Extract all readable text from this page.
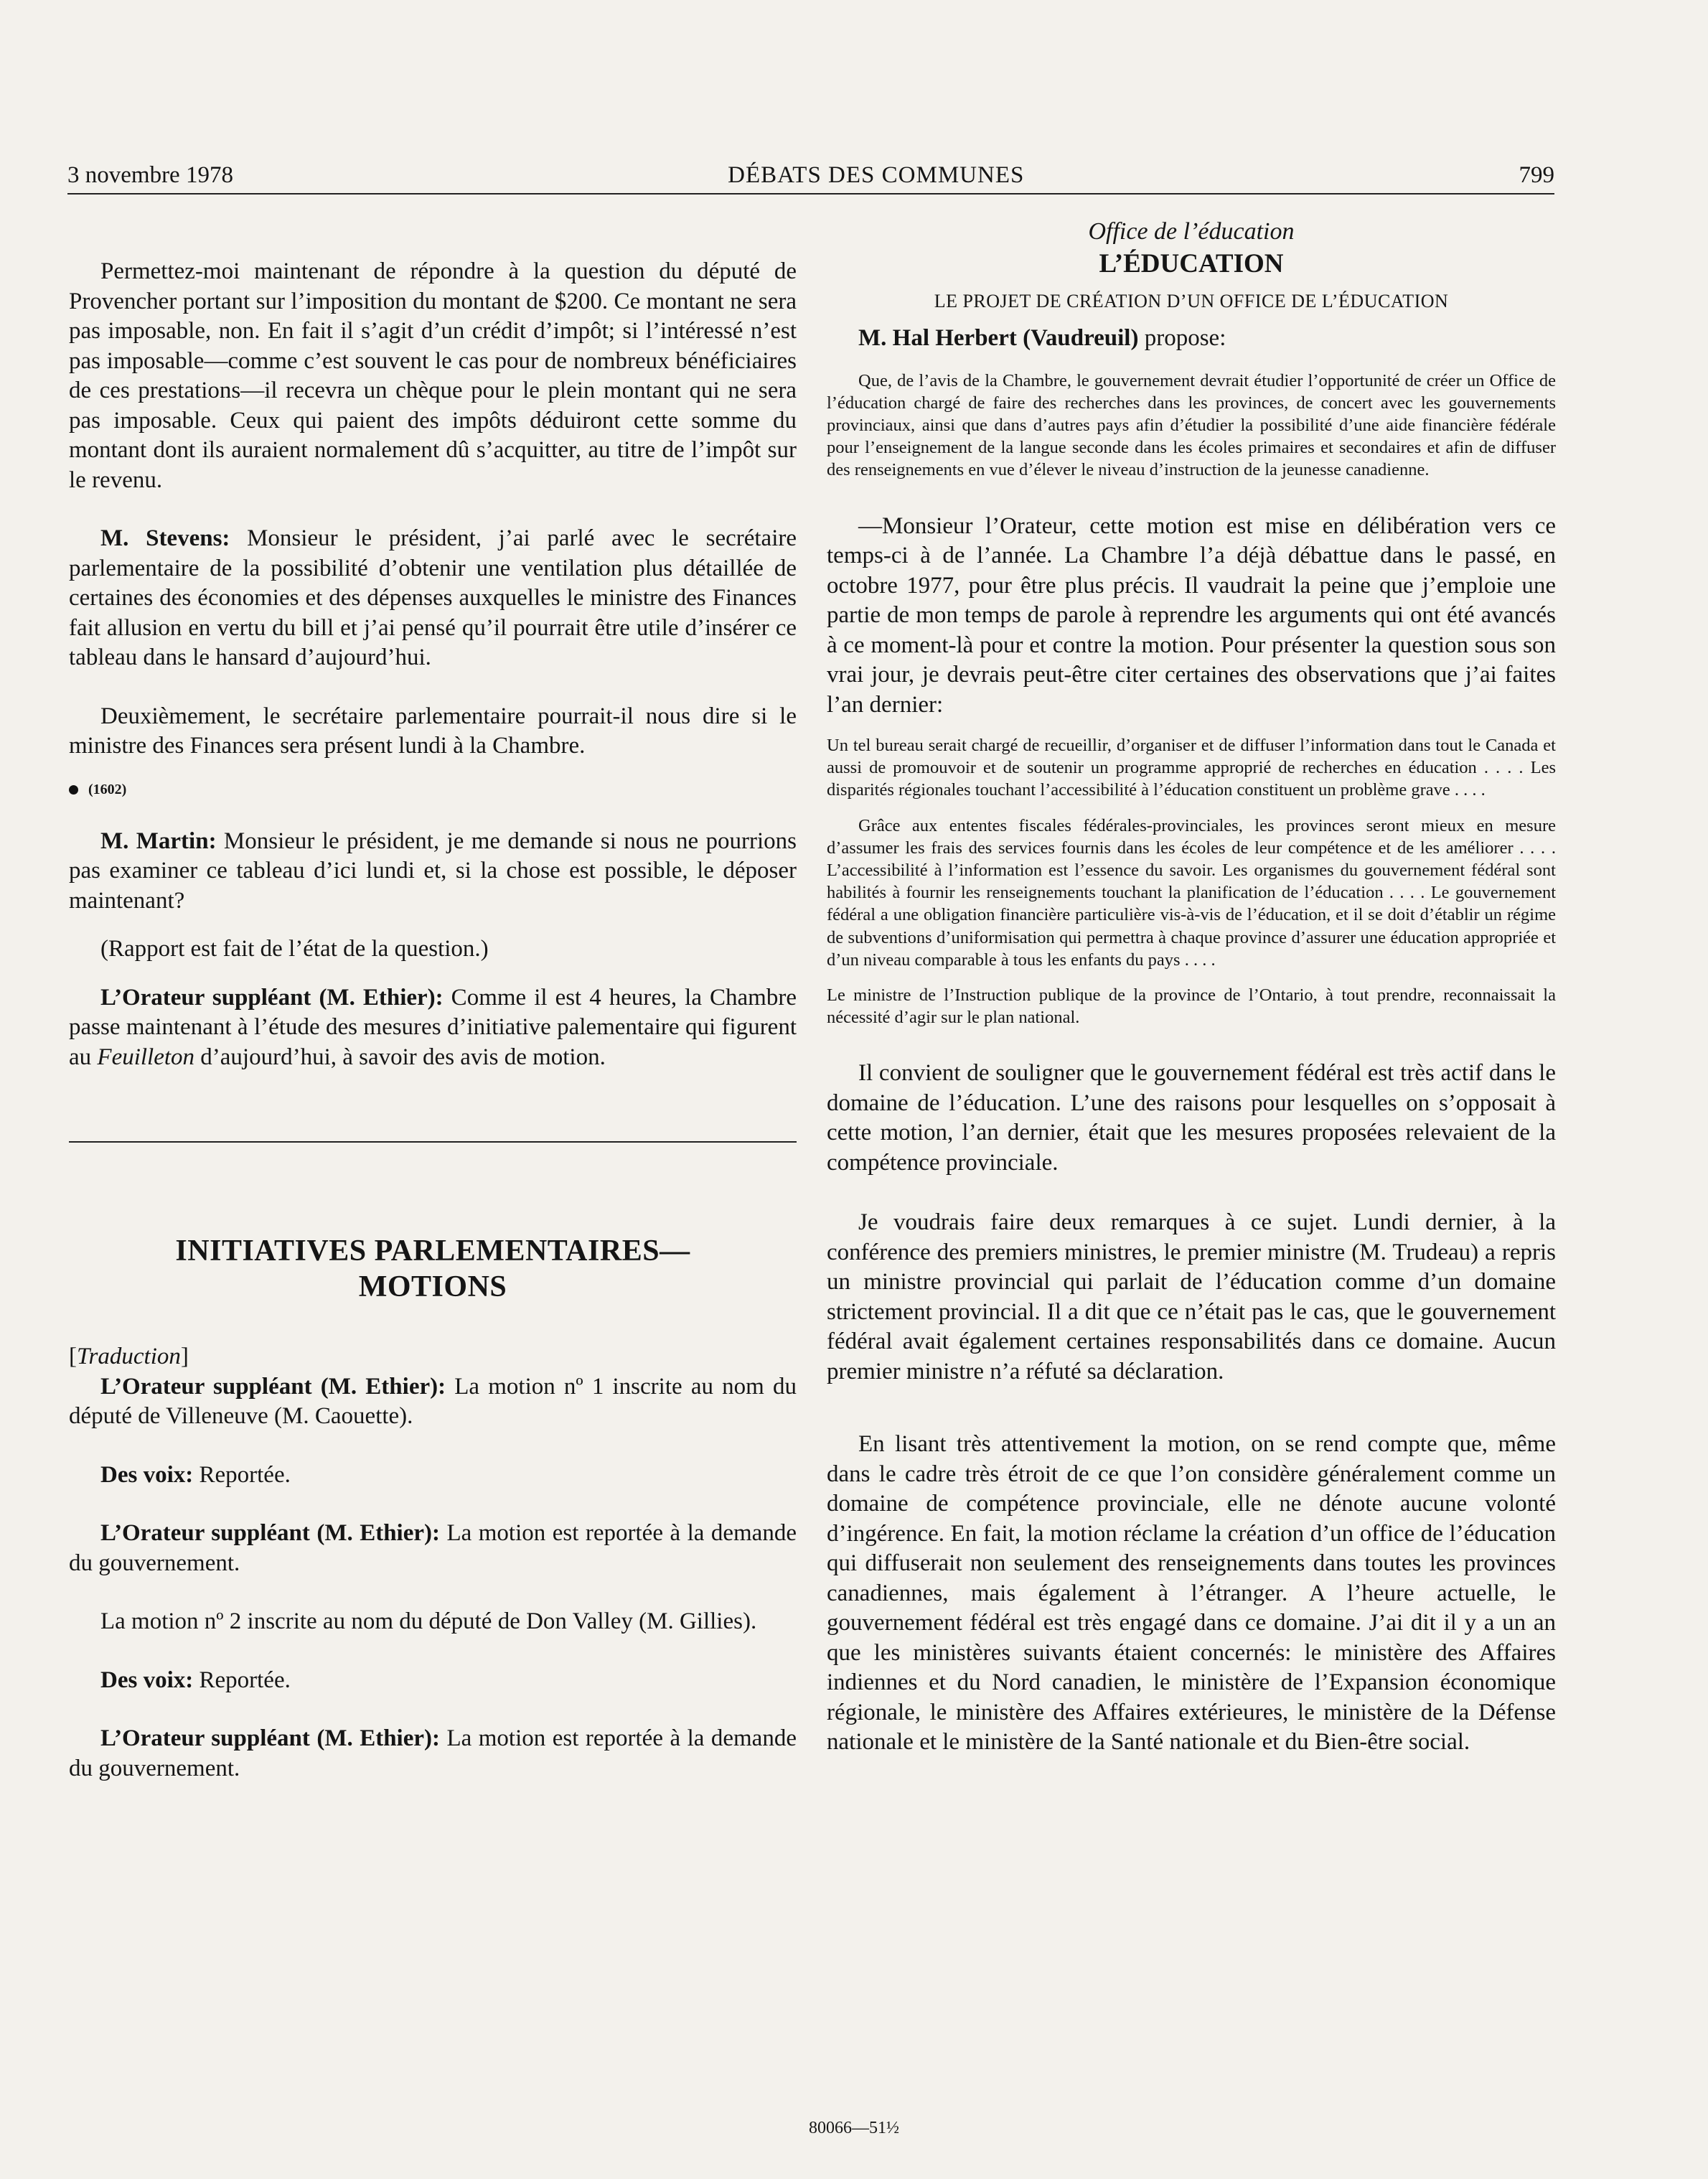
3 novembre 1978	DÉBATS DES COMMUNES	799

Permettez-moi maintenant de répondre à la question du député de Provencher portant sur l’imposition du montant de $200. Ce montant ne sera pas imposable, non. En fait il s’agit d’un crédit d’impôt; si l’intéressé n’est pas imposable—comme c’est souvent le cas pour de nombreux bénéficiaires de ces prestations—il recevra un chèque pour le plein montant qui ne sera pas imposable. Ceux qui paient des impôts déduiront cette somme du montant dont ils auraient normalement dû s’acquitter, au titre de l’impôt sur le revenu.

M. Stevens: Monsieur le président, j’ai parlé avec le secrétaire parlementaire de la possibilité d’obtenir une ventilation plus détaillée de certaines des économies et des dépenses auxquelles le ministre des Finances fait allusion en vertu du bill et j’ai pensé qu’il pourrait être utile d’insérer ce tableau dans le hansard d’aujourd’hui.

Deuxièmement, le secrétaire parlementaire pourrait-il nous dire si le ministre des Finances sera présent lundi à la Chambre.

(1602)

M. Martin: Monsieur le président, je me demande si nous ne pourrions pas examiner ce tableau d’ici lundi et, si la chose est possible, le déposer maintenant?

(Rapport est fait de l’état de la question.)

L’Orateur suppléant (M. Ethier): Comme il est 4 heures, la Chambre passe maintenant à l’étude des mesures d’initiative palementaire qui figurent au Feuilleton d’aujourd’hui, à savoir des avis de motion.

INITIATIVES PARLEMENTAIRES—
MOTIONS

[Traduction]

L’Orateur suppléant (M. Ethier): La motion nº 1 inscrite au nom du député de Villeneuve (M. Caouette).

Des voix: Reportée.

L’Orateur suppléant (M. Ethier): La motion est reportée à la demande du gouvernement.

La motion nº 2 inscrite au nom du député de Don Valley (M. Gillies).

Des voix: Reportée.

L’Orateur suppléant (M. Ethier): La motion est reportée à la demande du gouvernement.

Office de l’éducation
L’ÉDUCATION
LE PROJET DE CRÉATION D’UN OFFICE DE L’ÉDUCATION

M. Hal Herbert (Vaudreuil) propose:

Que, de l’avis de la Chambre, le gouvernement devrait étudier l’opportunité de créer un Office de l’éducation chargé de faire des recherches dans les provinces, de concert avec les gouvernements provinciaux, ainsi que dans d’autres pays afin d’étudier la possibilité d’une aide financière fédérale pour l’enseignement de la langue seconde dans les écoles primaires et secondaires et afin de diffuser des renseignements en vue d’élever le niveau d’instruction de la jeunesse canadienne.

—Monsieur l’Orateur, cette motion est mise en délibération vers ce temps-ci à de l’année. La Chambre l’a déjà débattue dans le passé, en octobre 1977, pour être plus précis. Il vaudrait la peine que j’emploie une partie de mon temps de parole à reprendre les arguments qui ont été avancés à ce moment-là pour et contre la motion. Pour présenter la question sous son vrai jour, je devrais peut-être citer certaines des observations que j’ai faites l’an dernier:

Un tel bureau serait chargé de recueillir, d’organiser et de diffuser l’information dans tout le Canada et aussi de promouvoir et de soutenir un programme approprié de recherches en éducation . . . . Les disparités régionales touchant l’accessibilité à l’éducation constituent un problème grave . . . .

Grâce aux ententes fiscales fédérales-provinciales, les provinces seront mieux en mesure d’assumer les frais des services fournis dans les écoles de leur compétence et de les améliorer . . . . L’accessibilité à l’information est l’essence du savoir. Les organismes du gouvernement fédéral sont habilités à fournir les renseignements touchant la planification de l’éducation . . . . Le gouvernement fédéral a une obligation financière particulière vis-à-vis de l’éducation, et il se doit d’établir un régime de subventions d’uniformisation qui permettra à chaque province d’assurer une éducation appropriée et d’un niveau comparable à tous les enfants du pays . . . .

Le ministre de l’Instruction publique de la province de l’Ontario, à tout prendre, reconnaissait la nécessité d’agir sur le plan national.

Il convient de souligner que le gouvernement fédéral est très actif dans le domaine de l’éducation. L’une des raisons pour lesquelles on s’opposait à cette motion, l’an dernier, était que les mesures proposées relevaient de la compétence provinciale.

Je voudrais faire deux remarques à ce sujet. Lundi dernier, à la conférence des premiers ministres, le premier ministre (M. Trudeau) a repris un ministre provincial qui parlait de l’éducation comme d’un domaine strictement provincial. Il a dit que ce n’était pas le cas, que le gouvernement fédéral avait également certaines responsabilités dans ce domaine. Aucun premier ministre n’a réfuté sa déclaration.

En lisant très attentivement la motion, on se rend compte que, même dans le cadre très étroit de ce que l’on considère généralement comme un domaine de compétence provinciale, elle ne dénote aucune volonté d’ingérence. En fait, la motion réclame la création d’un office de l’éducation qui diffuserait non seulement des renseignements dans toutes les provinces canadiennes, mais également à l’étranger. A l’heure actuelle, le gouvernement fédéral est très engagé dans ce domaine. J’ai dit il y a un an que les ministères suivants étaient concernés: le ministère des Affaires indiennes et du Nord canadien, le ministère de l’Expansion économique régionale, le ministère des Affaires extérieures, le ministère de la Défense nationale et le ministère de la Santé nationale et du Bien-être social.

80066—51½
